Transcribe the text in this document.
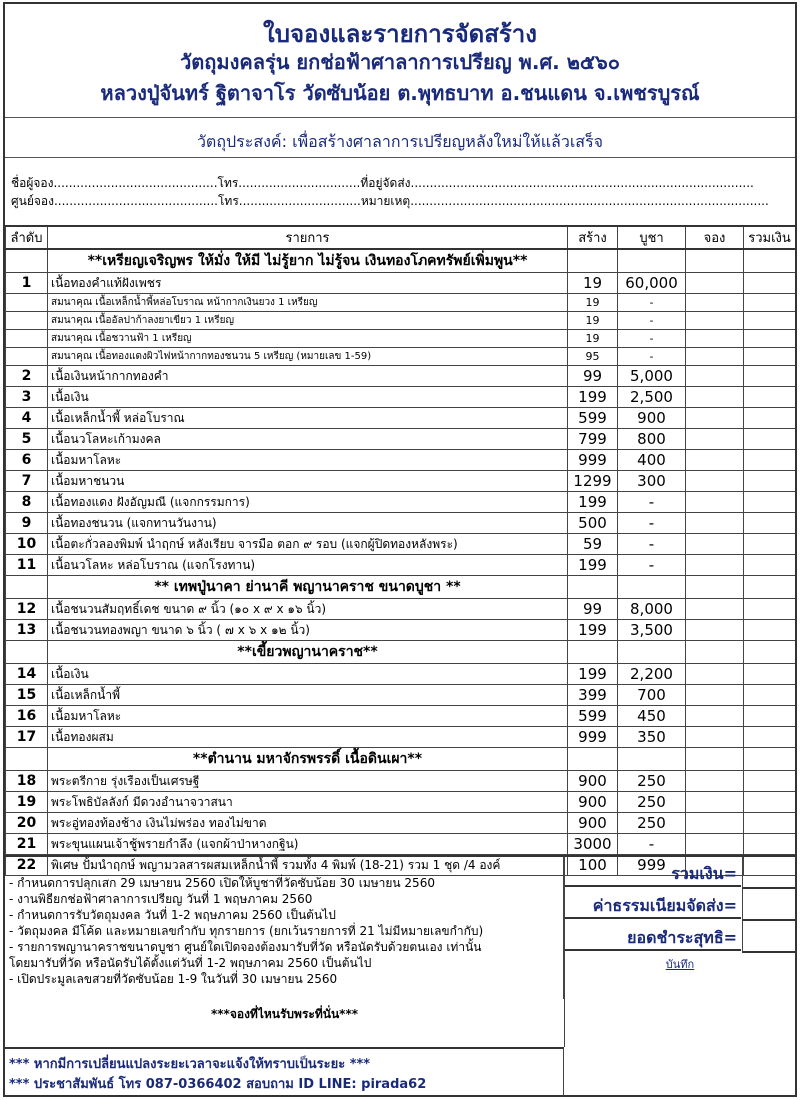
ใบจองและรายการจัดสร้าง
วัตถุมงคลรุ่น ยกช่อฟ้าศาลาการเปรียญ พ.ศ. ๒๕๖๐
หลวงปู่จันทร์ ฐิตาจาโร วัดซับน้อย ต.พุทธบาท อ.ชนแดน จ.เพชรบูรณ์
วัตถุประสงค์: เพื่อสร้างศาลาการเปรียญหลังใหม่ให้แล้วเสร็จ
ชื่อผู้จอง...........................................โทร................................ที่อยู่จัดส่ง..........................................................................................
ศูนย์จอง...........................................โทร................................หมายเหตุ..............................................................................................
ลำดับ	รายการ	สร้าง	บูชา	จอง	รวมเงิน
	**เหรียญเจริญพร ให้มั่ง ให้มี ไม่รู้ยาก ไม่รู้จน เงินทองโภคทรัพย์เพิ่มพูน**				
1	เนื้อทองคำแท้ฝังเพชร	19	60,000		
	สมนาคุณ เนื้อเหล็กน้ำพี้หล่อโบราณ หน้ากากเงินยวง 1 เหรียญ	19	-		
	สมนาคุณ เนื้ออัลปาก้าลงยาเขียว 1 เหรียญ	19	-		
	สมนาคุณ เนื้อชวานฟ้า 1 เหรียญ	19	-		
	สมนาคุณ เนื้อทองแดงผิวไฟหน้ากากทองชนวน 5 เหรียญ (หมายเลข 1-59)	95	-		
2	เนื้อเงินหน้ากากทองคำ	99	5,000		
3	เนื้อเงิน	199	2,500		
4	เนื้อเหล็กน้ำพี้ หล่อโบราณ	599	900		
5	เนื้อนวโลหะเก้ามงคล	799	800		
6	เนื้อมหาโลหะ	999	400		
7	เนื้อมหาชนวน	1299	300		
8	เนื้อทองแดง ฝังอัญมณี (แจกกรรมการ)	199	-		
9	เนื้อทองชนวน (แจกทานวันงาน)	500	-		
10	เนื้อตะกั่วลองพิมพ์ นำฤกษ์ หลังเรียบ จารมือ ตอก ๙ รอบ (แจกผู้ปิดทองหลังพระ)	59	-		
11	เนื้อนวโลหะ หล่อโบราณ (แจกโรงทาน)	199	-		
	** เทพปู่นาคา ย่านาคี พญานาคราช ขนาดบูชา **				
12	เนื้อชนวนสัมฤทธิ์เดช ขนาด ๙ นิ้ว (๑๐ x ๙ x ๑๖ นิ้ว)	99	8,000		
13	เนื้อชนวนทองพญา ขนาด ๖ นิ้ว ( ๗ x ๖ x ๑๒ นิ้ว)	199	3,500		
	**เขี้ยวพญานาคราช**				
14	เนื้อเงิน	199	2,200		
15	เนื้อเหล็กน้ำพี้	399	700		
16	เนื้อมหาโลหะ	599	450		
17	เนื้อทองผสม	999	350		
	**ตำนาน มหาจักรพรรดิ์ เนื้อดินเผา**				
18	พระตรีกาย รุ่งเรืองเป็นเศรษฐี	900	250		
19	พระโพธิบัลลังก์ มีดวงอำนาจวาสนา	900	250		
20	พระอู่ทองท้องช้าง เงินไม่พร่อง ทองไม่ขาด	900	250		
21	พระขุนแผนเจ้าชู้พรายกำลึง (แจกผ้าป่าหางกฐิน)	3000	-		
22	พิเศษ ปั้มนำฤกษ์ พญามวลสารผสมเหล็กน้ำพี้ รวมทั้ง 4 พิมพ์ (18-21) รวม 1 ชุด /4 องค์	100	999		
- กำหนดการปลุกเสก 29 เมษายน 2560 เปิดให้บูชาที่วัดซับน้อย 30 เมษายน 2560
- งานพิธียกช่อฟ้าศาลาการเปรียญ วันที่ 1 พฤษภาคม 2560
- กำหนดการรับวัตถุมงคล วันที่ 1-2 พฤษภาคม 2560 เป็นต้นไป
- วัตถุมงคล มีโค้ด และหมายเลขกำกับ ทุกรายการ (ยกเว้นรายการที่ 21 ไม่มีหมายเลขกำกับ)
- รายการพญานาคราชขนาดบูชา ศูนย์ใดเปิดจองต้องมารับที่วัด หรือนัดรับด้วยตนเอง เท่านั้น
โดยมารับที่วัด หรือนัดรับได้ตั้งแต่วันที่ 1-2 พฤษภาคม 2560 เป็นต้นไป
- เปิดประมูลเลขสวยที่วัดซับน้อย 1-9 ในวันที่ 30 เมษายน 2560
***จองที่ไหนรับพระที่นั่น***
*** หากมีการเปลี่ยนแปลงระยะเวลาจะแจ้งให้ทราบเป็นระยะ ***
*** ประชาสัมพันธ์ โทร 087-0366402 สอบถาม ID LINE: pirada62
รวมเงิน=
ค่าธรรมเนียมจัดส่ง=
ยอดชำระสุทธิ=
บันทึก
